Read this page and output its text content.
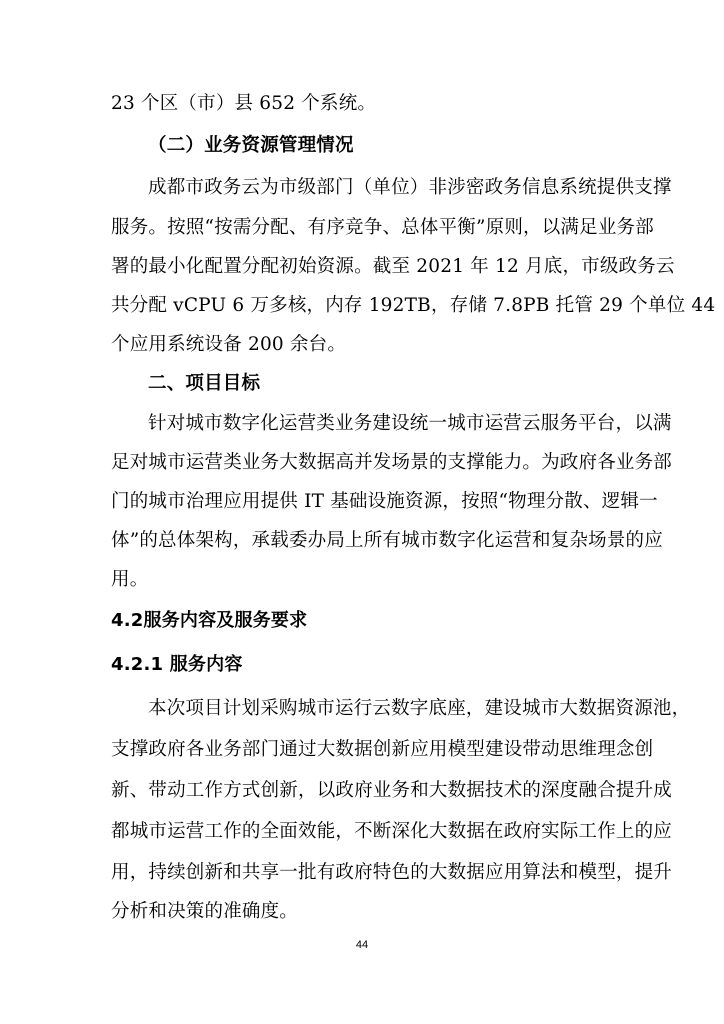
23 个区（市）县 652 个系统。
（二）业务资源管理情况
成都市政务云为市级部门（单位）非涉密政务信息系统提供支撑
服务。按照“按需分配、有序竞争、总体平衡”原则，以满足业务部
署的最小化配置分配初始资源。截至 2021 年 12 月底，市级政务云
共分配 vCPU 6 万多核，内存 192TB，存储 7.8PB 托管 29 个单位 44
个应用系统设备 200 余台。
二、项目目标
针对城市数字化运营类业务建设统一城市运营云服务平台，以满
足对城市运营类业务大数据高并发场景的支撑能力。为政府各业务部
门的城市治理应用提供 IT 基础设施资源，按照“物理分散、逻辑一
体”的总体架构，承载委办局上所有城市数字化运营和复杂场景的应
用。
4.2服务内容及服务要求
4.2.1 服务内容
本次项目计划采购城市运行云数字底座，建设城市大数据资源池，
支撑政府各业务部门通过大数据创新应用模型建设带动思维理念创
新、带动工作方式创新，以政府业务和大数据技术的深度融合提升成
都城市运营工作的全面效能，不断深化大数据在政府实际工作上的应
用，持续创新和共享一批有政府特色的大数据应用算法和模型，提升
分析和决策的准确度。
44
